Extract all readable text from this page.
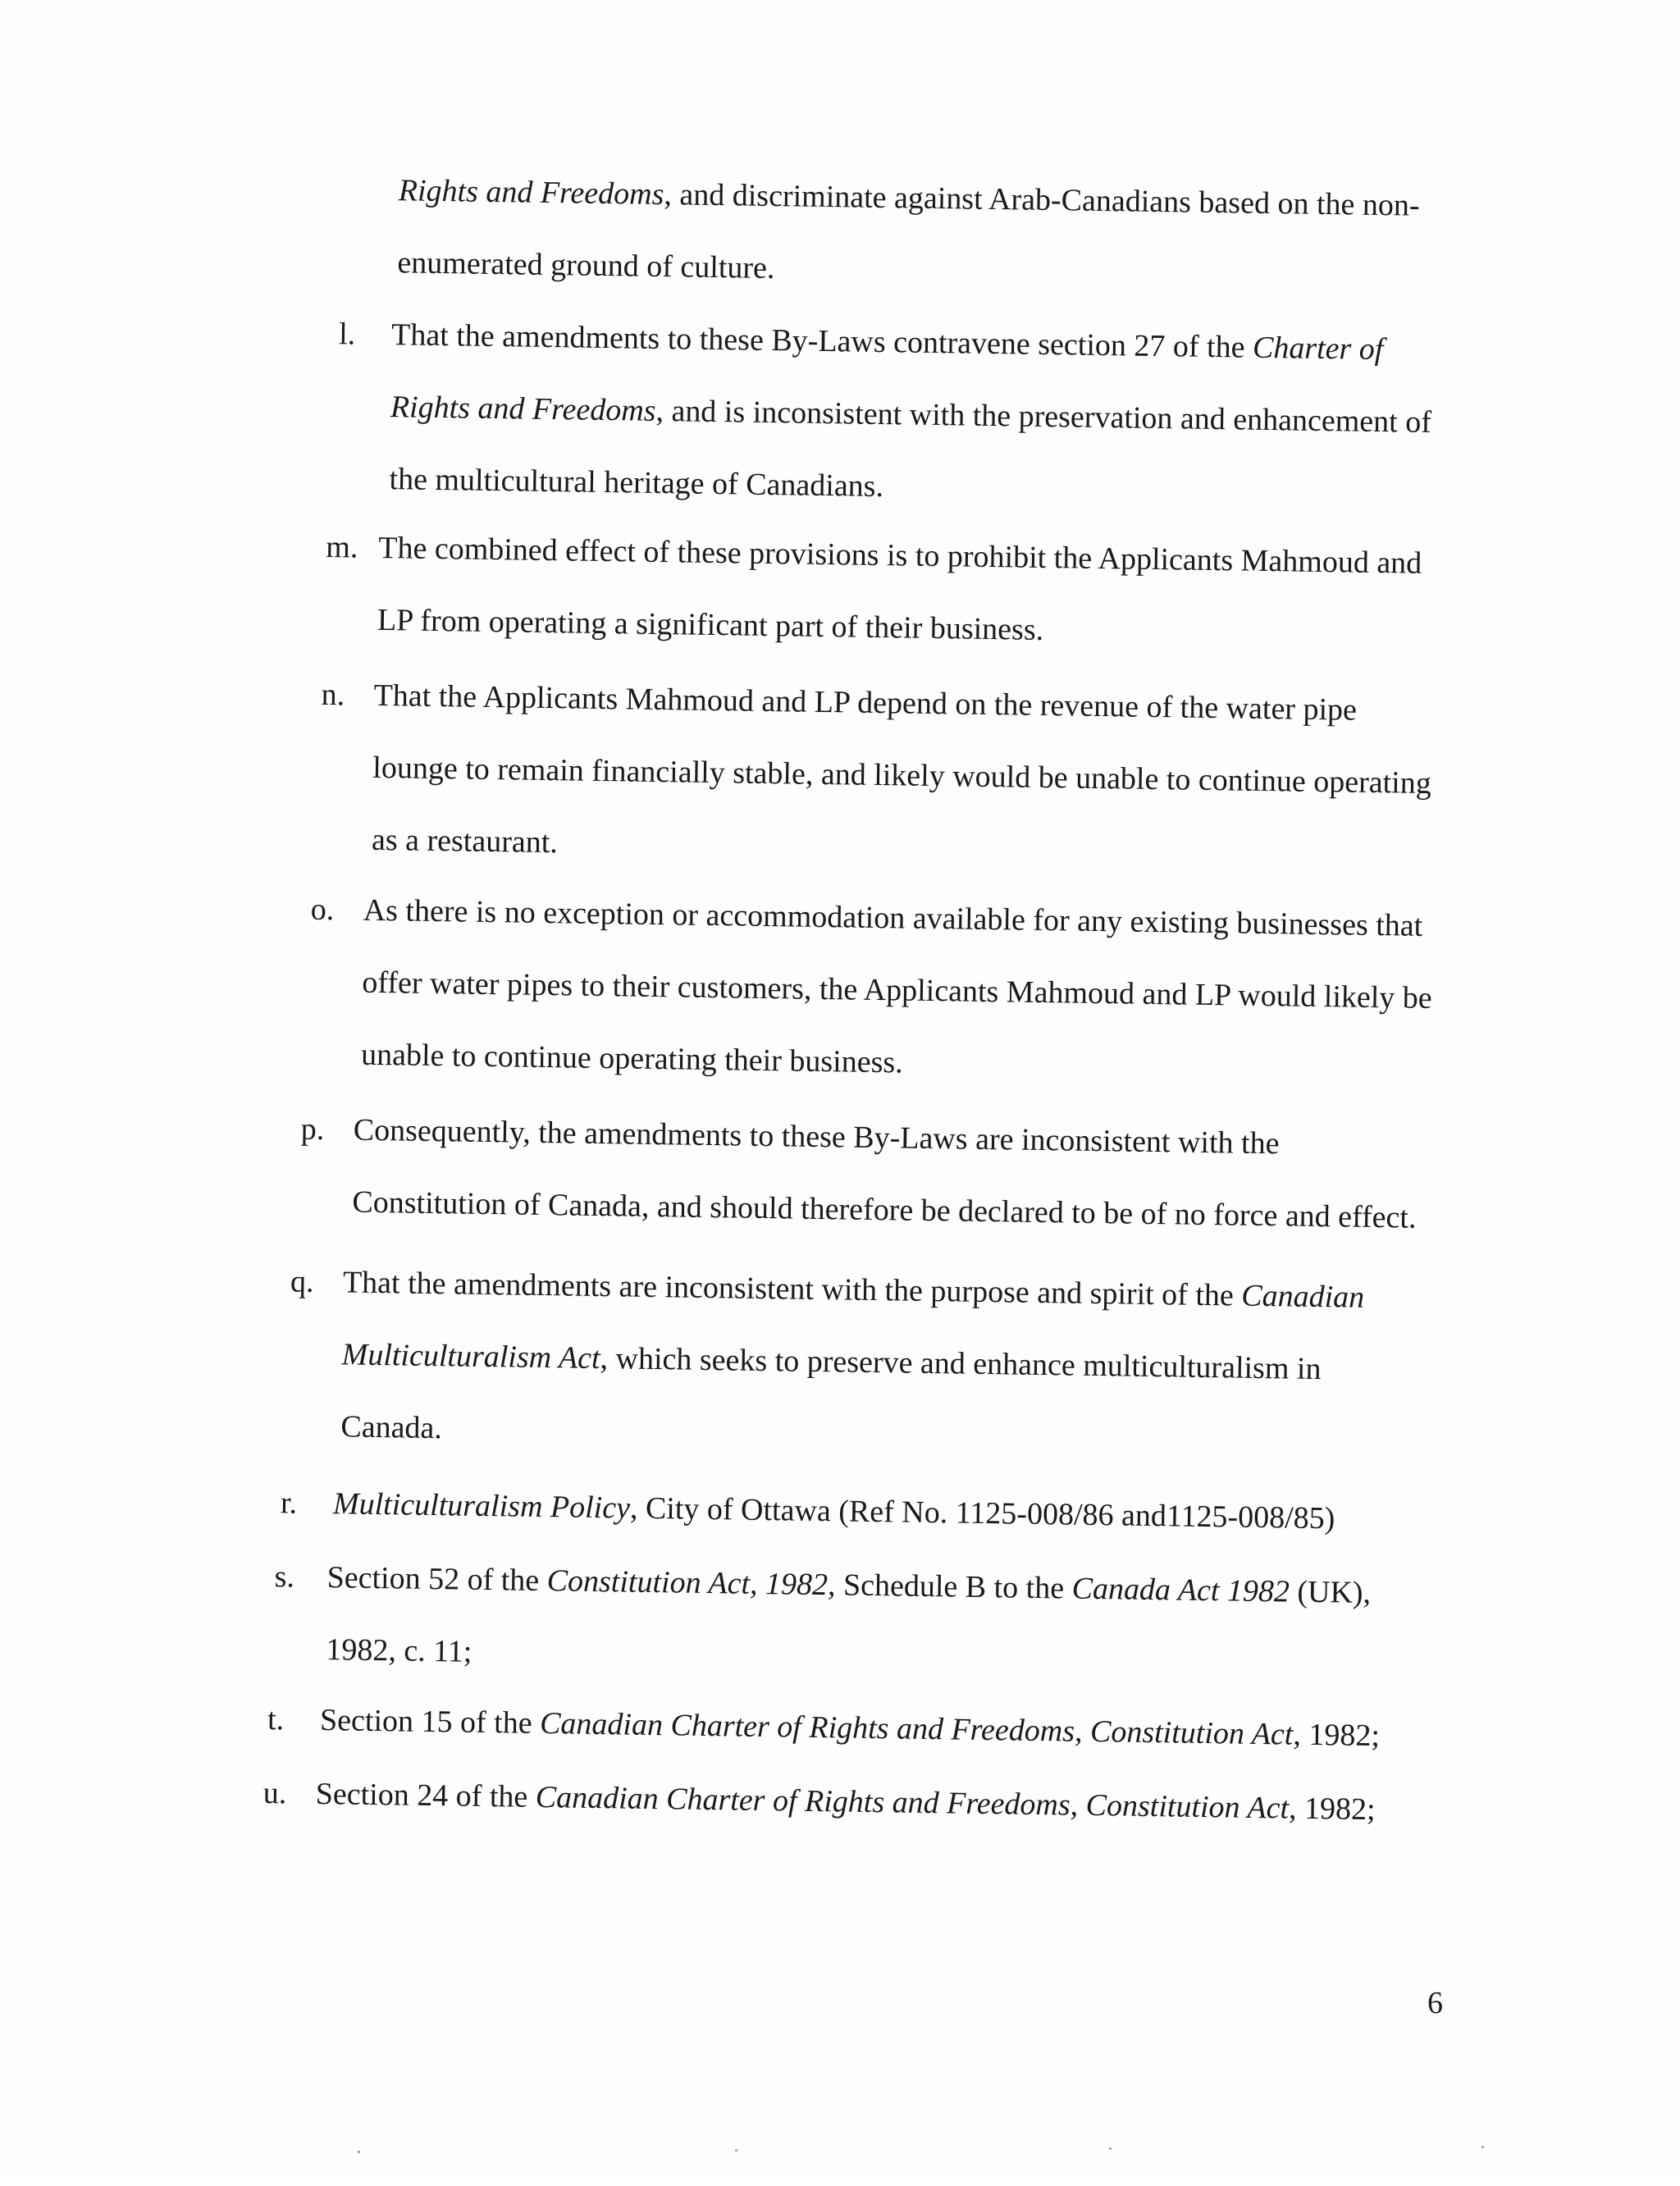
Rights and Freedoms, and discriminate against Arab-Canadians based on the non-
enumerated ground of culture.
l. That the amendments to these By-Laws contravene section 27 of the Charter of
Rights and Freedoms, and is inconsistent with the preservation and enhancement of
the multicultural heritage of Canadians.
m. The combined effect of these provisions is to prohibit the Applicants Mahmoud and
LP from operating a significant part of their business.
n. That the Applicants Mahmoud and LP depend on the revenue of the water pipe
lounge to remain financially stable, and likely would be unable to continue operating
as a restaurant.
o. As there is no exception or accommodation available for any existing businesses that
offer water pipes to their customers, the Applicants Mahmoud and LP would likely be
unable to continue operating their business.
p. Consequently, the amendments to these By-Laws are inconsistent with the
Constitution of Canada, and should therefore be declared to be of no force and effect.
q. That the amendments are inconsistent with the purpose and spirit of the Canadian
Multiculturalism Act, which seeks to preserve and enhance multiculturalism in
Canada.
r. Multiculturalism Policy, City of Ottawa (Ref No. 1125-008/86 and1125-008/85)
s. Section 52 of the Constitution Act, 1982, Schedule B to the Canada Act 1982 (UK),
1982, c. 11;
t. Section 15 of the Canadian Charter of Rights and Freedoms, Constitution Act, 1982;
u. Section 24 of the Canadian Charter of Rights and Freedoms, Constitution Act, 1982;
6
